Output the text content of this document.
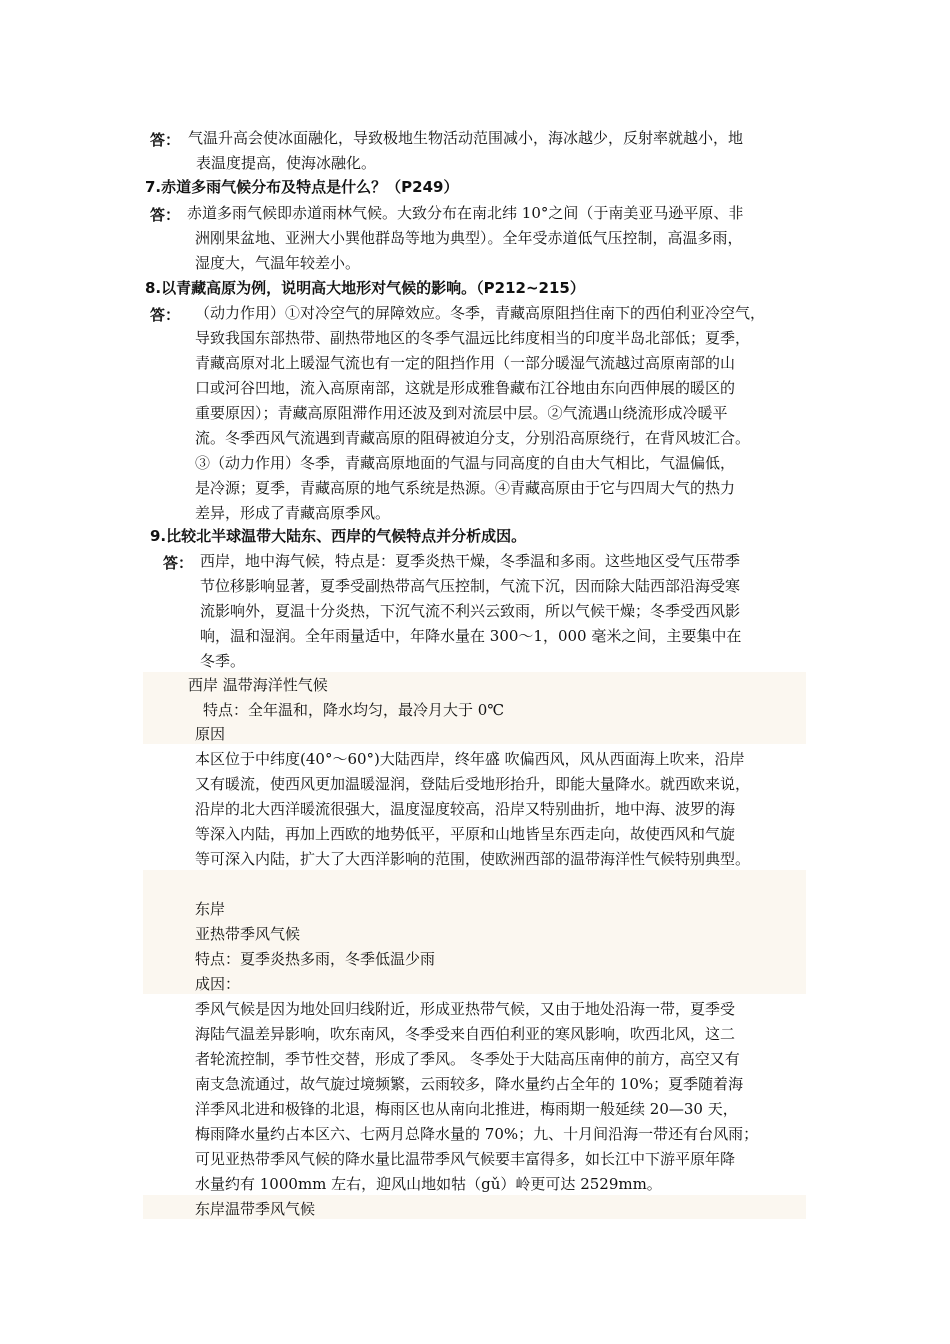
答： 气温升高会使冰面融化，导致极地生物活动范围减小，海冰越少，反射率就越小，地
表温度提高，使海冰融化。
7.赤道多雨气候分布及特点是什么？（P249）
答： 赤道多雨气候即赤道雨林气候。大致分布在南北纬 10°之间（于南美亚马逊平原、非
洲刚果盆地、亚洲大小巽他群岛等地为典型）。全年受赤道低气压控制，高温多雨，
湿度大，气温年较差小。
8.以青藏高原为例，说明高大地形对气候的影响。（P212~215）
答： （动力作用）①对冷空气的屏障效应。冬季，青藏高原阻挡住南下的西伯利亚冷空气，
导致我国东部热带、副热带地区的冬季气温远比纬度相当的印度半岛北部低；夏季，
青藏高原对北上暖湿气流也有一定的阻挡作用（一部分暖湿气流越过高原南部的山
口或河谷凹地，流入高原南部，这就是形成雅鲁藏布江谷地由东向西伸展的暖区的
重要原因）；青藏高原阻滞作用还波及到对流层中层。②气流遇山绕流形成冷暖平
流。冬季西风气流遇到青藏高原的阻碍被迫分支，分别沿高原绕行，在背风坡汇合。
③（动力作用）冬季，青藏高原地面的气温与同高度的自由大气相比，气温偏低，
是冷源；夏季，青藏高原的地气系统是热源。④青藏高原由于它与四周大气的热力
差异，形成了青藏高原季风。
9.比较北半球温带大陆东、西岸的气候特点并分析成因。
答： 西岸，地中海气候，特点是：夏季炎热干燥，冬季温和多雨。这些地区受气压带季
节位移影响显著，夏季受副热带高气压控制，气流下沉，因而除大陆西部沿海受寒
流影响外，夏温十分炎热，下沉气流不利兴云致雨，所以气候干燥；冬季受西风影
响，温和湿润。全年雨量适中，年降水量在 300～1，000 毫米之间，主要集中在
冬季。
西岸 温带海洋性气候
特点：全年温和，降水均匀，最冷月大于 0℃
原因
本区位于中纬度(40°～60°)大陆西岸，终年盛 吹偏西风，风从西面海上吹来，沿岸
又有暖流，使西风更加温暖湿润，登陆后受地形抬升，即能大量降水。就西欧来说，
沿岸的北大西洋暖流很强大，温度湿度较高，沿岸又特别曲折，地中海、波罗的海
等深入内陆，再加上西欧的地势低平，平原和山地皆呈东西走向，故使西风和气旋
等可深入内陆，扩大了大西洋影响的范围，使欧洲西部的温带海洋性气候特别典型。
东岸
亚热带季风气候
特点：夏季炎热多雨，冬季低温少雨
成因：
季风气候是因为地处回归线附近，形成亚热带气候，又由于地处沿海一带，夏季受
海陆气温差异影响，吹东南风，冬季受来自西伯利亚的寒风影响，吹西北风，这二
者轮流控制，季节性交替，形成了季风。 冬季处于大陆高压南伸的前方，高空又有
南支急流通过，故气旋过境频繁，云雨较多，降水量约占全年的 10%；夏季随着海
洋季风北进和极锋的北退，梅雨区也从南向北推进，梅雨期一般延续 20—30 天，
梅雨降水量约占本区六、七两月总降水量的 70%；九、十月间沿海一带还有台风雨；
可见亚热带季风气候的降水量比温带季风气候要丰富得多，如长江中下游平原年降
水量约有 1000mm 左右，迎风山地如牯（gǔ）岭更可达 2529mm。
东岸温带季风气候
